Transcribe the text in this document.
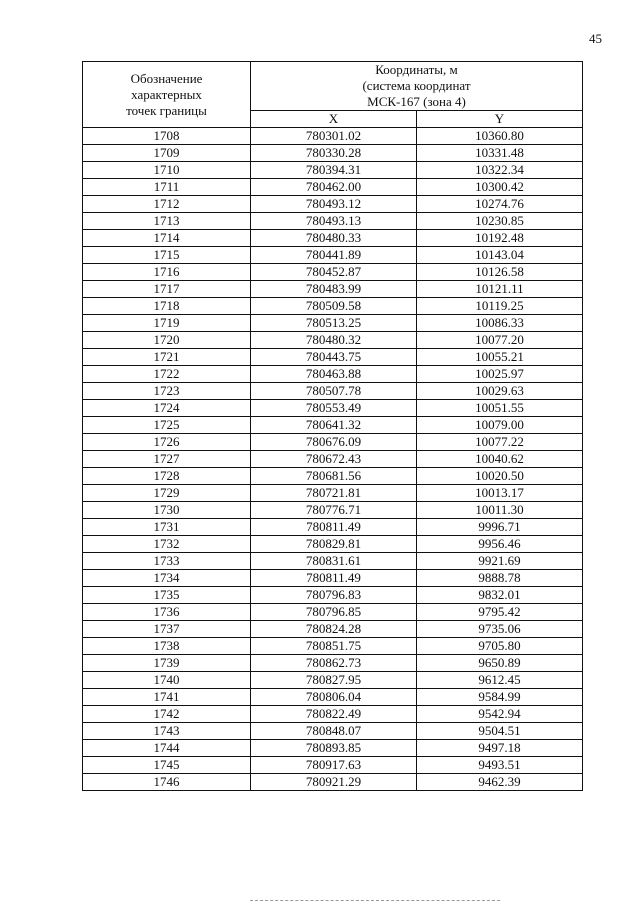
45
Обозначение
характерных
точек границы	Координаты, м
(система координат
МСК-167 (зона 4)	

	X	Y
1708	780301.02	10360.80
1709	780330.28	10331.48
1710	780394.31	10322.34
1711	780462.00	10300.42
1712	780493.12	10274.76
1713	780493.13	10230.85
1714	780480.33	10192.48
1715	780441.89	10143.04
1716	780452.87	10126.58
1717	780483.99	10121.11
1718	780509.58	10119.25
1719	780513.25	10086.33
1720	780480.32	10077.20
1721	780443.75	10055.21
1722	780463.88	10025.97
1723	780507.78	10029.63
1724	780553.49	10051.55
1725	780641.32	10079.00
1726	780676.09	10077.22
1727	780672.43	10040.62
1728	780681.56	10020.50
1729	780721.81	10013.17
1730	780776.71	10011.30
1731	780811.49	9996.71
1732	780829.81	9956.46
1733	780831.61	9921.69
1734	780811.49	9888.78
1735	780796.83	9832.01
1736	780796.85	9795.42
1737	780824.28	9735.06
1738	780851.75	9705.80
1739	780862.73	9650.89
1740	780827.95	9612.45
1741	780806.04	9584.99
1742	780822.49	9542.94
1743	780848.07	9504.51
1744	780893.85	9497.18
1745	780917.63	9493.51
1746	780921.29	9462.39
